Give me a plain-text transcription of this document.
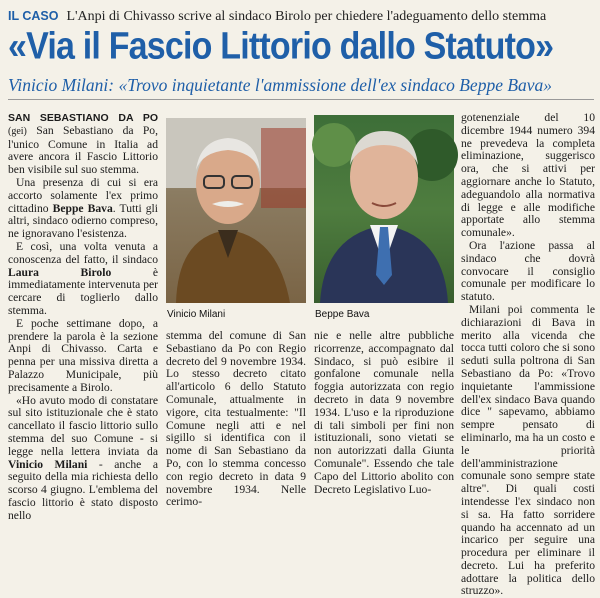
IL CASO L'Anpi di Chivasso scrive al sindaco Birolo per chiedere l'adeguamento dello stemma
«Via il Fascio Littorio dallo Statuto»
Vinicio Milani: «Trovo inquietante l'ammissione dell'ex sindaco Beppe Bava»

SAN SEBASTIANO DA PO (gei) San Sebastiano da Po, l'unico Comune in Italia ad avere ancora il Fascio Littorio ben visibile sul suo stemma.

Una presenza di cui si era accorto solamente l'ex primo cittadino Beppe Bava. Tutti gli altri, sindaco odierno compreso, ne ignoravano l'esistenza.

E così, una volta venuta a conoscenza del fatto, il sindaco Laura Birolo è immediatamente intervenuta per cercare di toglierlo dallo stemma.

E poche settimane dopo, a prendere la parola è la sezione Anpi di Chivasso. Carta e penna per una missiva diretta a Palazzo Municipale, più precisamente a Birolo.

«Ho avuto modo di constatare sul sito istituzionale che è stato cancellato il fascio littorio sullo stemma del suo Comune - si legge nella lettera inviata da Vinicio Milani - anche a seguito della mia richiesta dello scorso 4 giugno. L'emblema del fascio littorio è stato disposto nello

Vinicio Milani	Beppe Bava

stemma del comune di San Sebastiano da Po con Regio decreto del 9 novembre 1934. Lo stesso decreto citato all'articolo 6 dello Statuto Comunale, attualmente in vigore, cita testualmente: "Il Comune negli atti e nel sigillo si identifica con il nome di San Sebastiano da Po, con lo stemma concesso con regio decreto in data 9 novembre 1934. Nelle cerimo-

nie e nelle altre pubbliche ricorrenze, accompagnato dal Sindaco, si può esibire il gonfalone comunale nella foggia autorizzata con regio decreto in data 9 novembre 1934. L'uso e la riproduzione di tali simboli per fini non istituzionali, sono vietati se non autorizzati dalla Giunta Comunale". Essendo che tale Capo del Littorio abolito con Decreto Legislativo Luo-

gotenenziale del 10 dicembre 1944 numero 394 ne prevedeva la completa eliminazione, suggerisco ora, che si attivi per aggiornare anche lo Statuto, adeguandolo alla normativa di legge e alle modifiche apportate allo stemma comunale».

Ora l'azione passa al sindaco che dovrà convocare il consiglio comunale per modificare lo statuto.

Milani poi commenta le dichiarazioni di Bava in merito alla vicenda che tocca tutti coloro che si sono seduti sulla poltrona di San Sebastiano da Po: «Trovo inquietante l'ammissione dell'ex sindaco Bava quando dice " sapevamo, abbiamo sempre pensato di eliminarlo, ma ha un costo e le priorità dell'amministrazione comunale sono sempre state altre". Di quali costi intendesse l'ex sindaco non si sa. Ha fatto sorridere quando ha accennato ad un incarico per seguire una procedura per eliminare il decreto. Lui ha preferito adottare la politica dello struzzo».
